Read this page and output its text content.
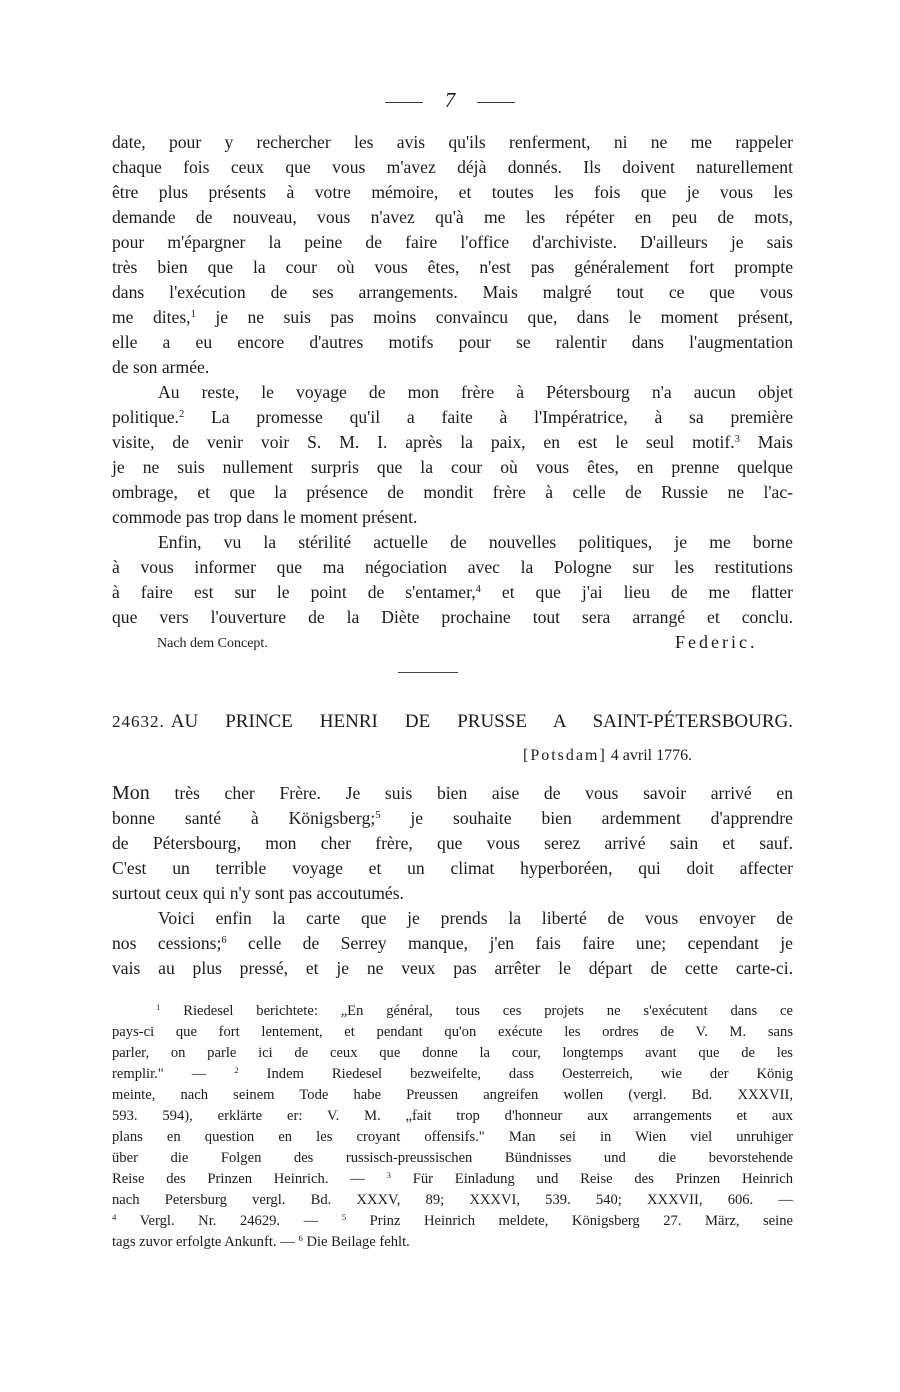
7
date, pour y rechercher les avis qu'ils renferment, ni ne me rappeler
chaque fois ceux que vous m'avez déjà donnés. Ils doivent naturellement
être plus présents à votre mémoire, et toutes les fois que je vous les
demande de nouveau, vous n'avez qu'à me les répéter en peu de mots,
pour m'épargner la peine de faire l'office d'archiviste. D'ailleurs je sais
très bien que la cour où vous êtes, n'est pas généralement fort prompte
dans l'exécution de ses arrangements. Mais malgré tout ce que vous
me dites,$^1$ je ne suis pas moins convaincu que, dans le moment présent,
elle a eu encore d'autres motifs pour se ralentir dans l'augmentation
de son armée.
Au reste, le voyage de mon frère à Pétersbourg n'a aucun objet
politique.$^2$ La promesse qu'il a faite à l'Impératrice, à sa première
visite, de venir voir S. M. I. après la paix, en est le seul motif.$^3$ Mais
je ne suis nullement surpris que la cour où vous êtes, en prenne quelque
ombrage, et que la présence de mondit frère à celle de Russie ne l'ac-
commode pas trop dans le moment présent.
Enfin, vu la stérilité actuelle de nouvelles politiques, je me borne
à vous informer que ma négociation avec la Pologne sur les restitutions
à faire est sur le point de s'entamer,$^4$ et que j'ai lieu de me flatter
que vers l'ouverture de la Diète prochaine tout sera arrangé et conclu.
Nach dem Concept.	Federic.
24632. AU PRINCE HENRI DE PRUSSE A SAINT-PÉTERSBOURG.
[Potsdam] 4 avril 1776.
Mon très cher Frère. Je suis bien aise de vous savoir arrivé en
bonne santé à Königsberg;$^5$ je souhaite bien ardemment d'apprendre
de Pétersbourg, mon cher frère, que vous serez arrivé sain et sauf.
C'est un terrible voyage et un climat hyperboréen, qui doit affecter
surtout ceux qui n'y sont pas accoutumés.
Voici enfin la carte que je prends la liberté de vous envoyer de
nos cessions;$^6$ celle de Serrey manque, j'en fais faire une; cependant je
vais au plus pressé, et je ne veux pas arrêter le départ de cette carte-ci.
$^1$ Riedesel berichtete: „En général, tous ces projets ne s'exécutent dans ce
pays-ci que fort lentement, et pendant qu'on exécute les ordres de V. M. sans
parler, on parle ici de ceux que donne la cour, longtemps avant que de les
remplir." — $^2$ Indem Riedesel bezweifelte, dass Oesterreich, wie der König
meinte, nach seinem Tode habe Preussen angreifen wollen (vergl. Bd. XXXVII,
593. 594), erklärte er: V. M. „fait trop d'honneur aux arrangements et aux
plans en question en les croyant offensifs." Man sei in Wien viel unruhiger
über die Folgen des russisch-preussischen Bündnisses und die bevorstehende
Reise des Prinzen Heinrich. — $^3$ Für Einladung und Reise des Prinzen Heinrich
nach Petersburg vergl. Bd. XXXV, 89; XXXVI, 539. 540; XXXVII, 606. —
$^4$ Vergl. Nr. 24629. — $^5$ Prinz Heinrich meldete, Königsberg 27. März, seine
tags zuvor erfolgte Ankunft. — $^6$ Die Beilage fehlt.
